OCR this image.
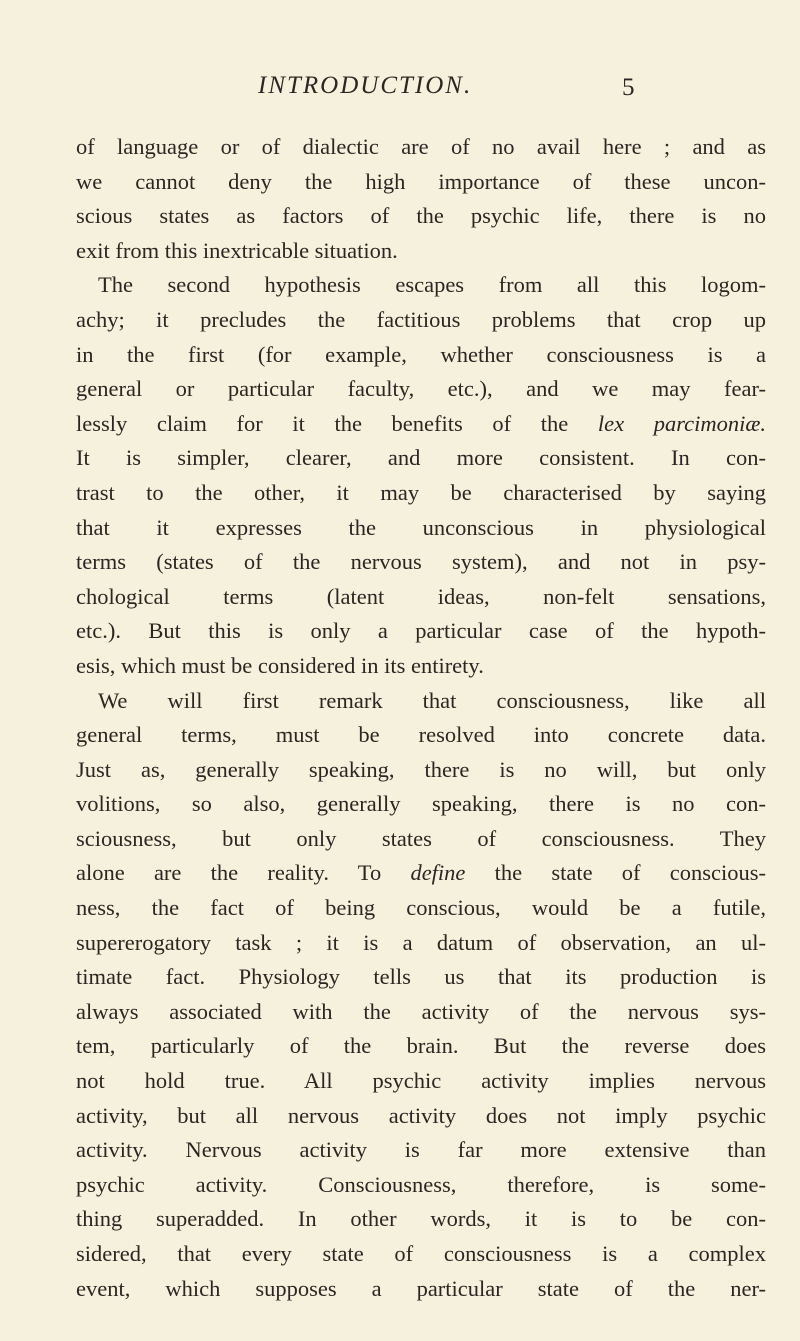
INTRODUCTION.	5
of language or of dialectic are of no avail here ; and as
we cannot deny the high importance of these uncon-
scious states as factors of the psychic life, there is no
exit from this inextricable situation.
The second hypothesis escapes from all this logom-
achy; it precludes the factitious problems that crop up
in the first (for example, whether consciousness is a
general or particular faculty, etc.), and we may fear-
lessly claim for it the benefits of the lex parcimoniæ.
It is simpler, clearer, and more consistent. In con-
trast to the other, it may be characterised by saying
that it expresses the unconscious in physiological
terms (states of the nervous system), and not in psy-
chological terms (latent ideas, non-felt sensations,
etc.). But this is only a particular case of the hypoth-
esis, which must be considered in its entirety.
We will first remark that consciousness, like all
general terms, must be resolved into concrete data.
Just as, generally speaking, there is no will, but only
volitions, so also, generally speaking, there is no con-
sciousness, but only states of consciousness. They
alone are the reality. To define the state of conscious-
ness, the fact of being conscious, would be a futile,
supererogatory task ; it is a datum of observation, an ul-
timate fact. Physiology tells us that its production is
always associated with the activity of the nervous sys-
tem, particularly of the brain. But the reverse does
not hold true. All psychic activity implies nervous
activity, but all nervous activity does not imply psychic
activity. Nervous activity is far more extensive than
psychic activity. Consciousness, therefore, is some-
thing superadded. In other words, it is to be con-
sidered, that every state of consciousness is a complex
event, which supposes a particular state of the ner-
